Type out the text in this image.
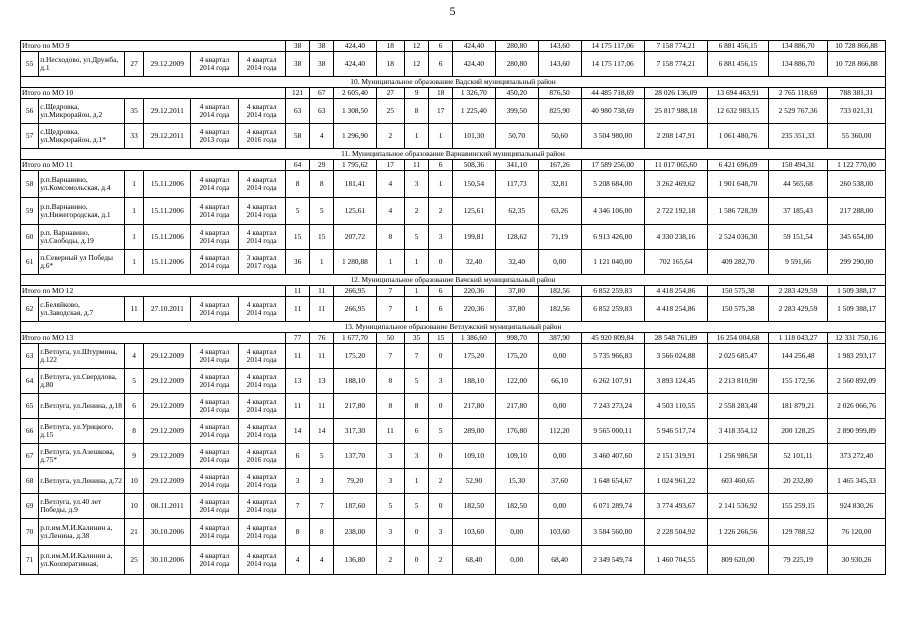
5
Итого по МО 9						38	38	424,40	18	12	6	424,40	280,80	143,60	14 175 117,06	7 158 774,21	6 881 456,15	134 886,70	10 728 866,88
55	п.Несходово, ул.Дружба, д.1	27	29.12.2009	4 квартал 2014 года	4 квартал 2014 года	38	38	424,40	18	12	6	424,40	280,80	143,60	14 175 117,06	7 158 774,21	6 881 456,15	134 886,70	10 728 866,88
10. Муниципальное образование Вадский муниципальный район																			
Итого по МО 10						121	67	2 605,40	27	9	18	1 326,70	450,20	876,50	44 485 718,69	28 026 136,09	13 694 463,91	2 765 118,69	788 381,31
56	с.Щедровка, ул.Микрорайон, д.2	35	29.12.2011	4 квартал 2014 года	4 квартал 2014 года	63	63	1 308,50	25	8	17	1 225,40	399,50	825,90	40 980 738,69	25 817 988,18	12 632 983,15	2 529 767,36	733 021,31
57	с.Щедровка, ул.Микрорайон, д.1*	33	29.12.2011	4 квартал 2013 года	4 квартал 2016 года	58	4	1 296,90	2	1	1	101,30	50,70	50,60	3 504 980,00	2 208 147,91	1 061 480,76	235 351,33	55 360,00
11. Муниципальное образование Варнавинский муниципальный район																			
Итого по МО 11						64	29	1 795,62	17	11	6	508,36	341,10	167,26	17 589 256,00	11 017 065,60	6 421 696,09	150 494,31	1 122 770,00
58	р.п.Варнавино, ул.Комсомольская, д.4	1	15.11.2006	4 квартал 2014 года	4 квартал 2014 года	8	8	181,41	4	3	1	150,54	117,73	32,81	5 208 684,00	3 262 469,62	1 901 648,70	44 565,68	260 538,00
59	р.п.Варнавино, ул.Нижегородская, д.1	1	15.11.2006	4 квартал 2014 года	4 квартал 2014 года	5	5	125,61	4	2	2	125,61	62,35	63,26	4 346 106,00	2 722 192,18	1 586 728,39	37 185,43	217 288,00
60	р.п. Варнавино, ул.Свободы, д.19	1	15.11.2006	4 квартал 2014 года	4 квартал 2014 года	15	15	207,72	8	5	3	199,81	128,62	71,19	6 913 426,00	4 330 238,16	2 524 036,30	59 151,54	345 654,00
61	п.Северный ул Победы д.6*	1	15.11.2006	4 квартал 2014 года	3 квартал 2017 года	36	1	1 280,88	1	1	0	32,40	32,40	0,00	1 121 040,00	702 165,64	409 282,70	9 591,66	299 290,00
12. Муниципальное образование Вачский муниципальный район																			
Итого по МО 12						11	11	266,95	7	1	6	220,36	37,80	182,56	6 852 259,83	4 418 254,86	150 575,38	2 283 429,59	1 509 388,17
62	с.Беляйково, ул.Заводская, д.7	11	27.10.2011	4 квартал 2014 года	4 квартал 2014 года	11	11	266,95	7	1	6	220,36	37,80	182,56	6 852 259,83	4 418 254,86	150 575,38	2 283 429,59	1 509 388,17
13. Муниципальное образование Ветлужский муниципальный район																			
Итого по МО 13						77	76	1 677,70	50	35	15	1 386,60	998,70	387,90	45 920 809,84	28 548 761,89	16 254 004,68	1 118 043,27	12 331 750,16
63	г.Ветлуга, ул.Штурмина, д.122	4	29.12.2009	4 квартал 2014 года	4 квартал 2014 года	11	11	175,20	7	7	0	175,20	175,20	0,00	5 735 966,83	3 566 024,88	2 025 685,47	144 256,48	1 983 293,17
64	г.Ветлуга, ул.Свердлова, д.80	5	29.12.2009	4 квартал 2014 года	4 квартал 2014 года	13	13	188,10	8	5	3	188,10	122,00	66,10	6 262 107,91	3 893 124,45	2 213 810,90	155 172,56	2 560 892,09
65	г.Ветлуга, ул.Ленина, д.18	6	29.12.2009	4 квартал 2014 года	4 квартал 2014 года	11	11	217,80	8	8	0	217,80	217,80	0,00	7 243 273,24	4 503 110,55	2 558 283,48	181 879,21	2 026 066,76
66	г.Ветлуга, ул.Урицкого, д.15	8	29.12.2009	4 квартал 2014 года	4 квартал 2014 года	14	14	317,30	11	6	5	289,00	176,80	112,20	9 565 000,11	5 946 517,74	3 418 354,12	200 128,25	2 890 999,89
67	г.Ветлуга, ул.Азешкова, д.75*	9	29.12.2009	4 квартал 2014 года	4 квартал 2016 года	6	5	137,70	3	3	0	109,10	109,10	0,00	3 460 407,60	2 151 319,91	1 256 986,58	52 101,11	373 272,40
68	г.Ветлуга, ул.Ленина, д.72	10	29.12.2009	4 квартал 2014 года	4 квартал 2014 года	3	3	79,20	3	1	2	52,90	15,30	37,60	1 648 654,67	1 024 961,22	603 460,65	20 232,80	1 465 345,33
69	г.Ветлуга, ул.40 лет Победы, д.9	10	08.11.2011	4 квартал 2014 года	4 квартал 2014 года	7	7	187,60	5	5	0	182,50	182,50	0,00	6 071 289,74	3 774 493,67	2 141 536,92	155 259,15	924 830,26
70	р.п.им.М.И.Калинин а, ул.Ленина, д.38	21	30.10.2006	4 квартал 2014 года	4 квартал 2014 года	8	8	238,00	3	0	3	103,60	0,00	103,60	3 584 560,00	2 228 504,92	1 226 266,56	129 788,52	76 120,00
71	р.п.им.М.И.Калинин а, ул.Кооперативная,	25	30.10.2006	4 квартал 2014 года	4 квартал 2014 года	4	4	136,80	2	0	2	68,40	0,00	68,40	2 349 549,74	1 460 704,55	809 620,00	79 225,19	30 930,26
